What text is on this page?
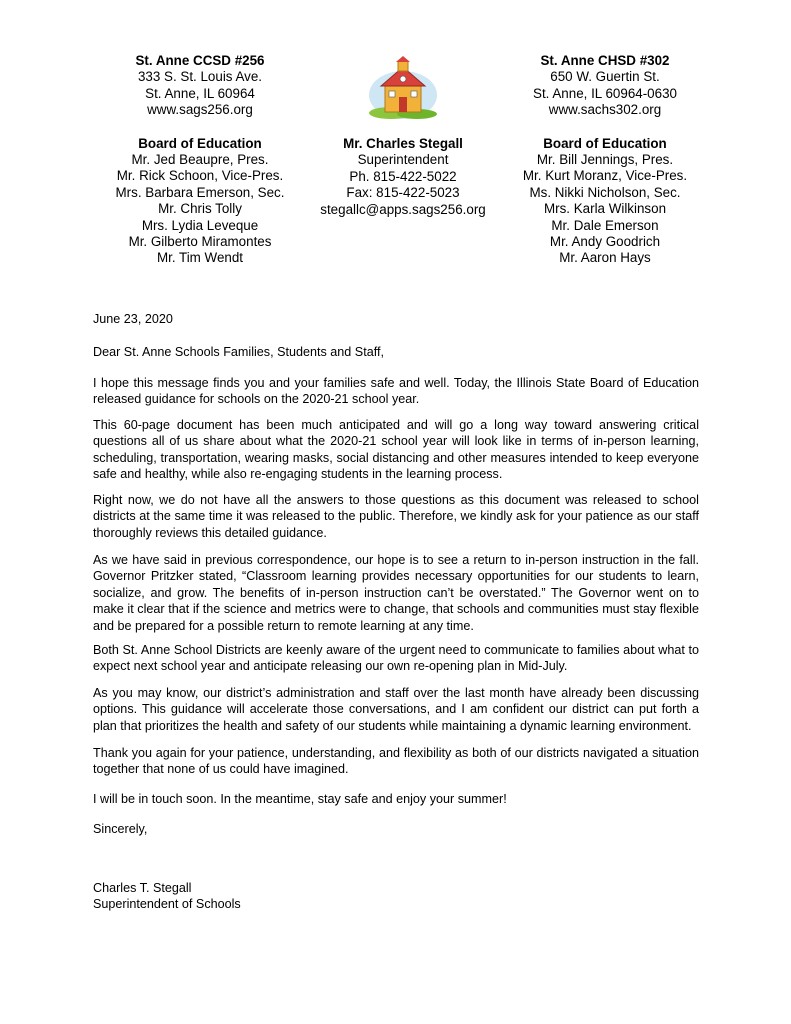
St. Anne CCSD #256
333 S. St. Louis Ave.
St. Anne, IL 60964
www.sags256.org
Board of Education
Mr. Jed Beaupre, Pres.
Mr. Rick Schoon, Vice-Pres.
Mrs. Barbara Emerson, Sec.
Mr. Chris Tolly
Mrs. Lydia Leveque
Mr. Gilberto Miramontes
Mr. Tim Wendt
Mr. Charles Stegall
Superintendent
Ph. 815-422-5022
Fax: 815-422-5023
stegallc@apps.sags256.org
St. Anne CHSD #302
650 W. Guertin St.
St. Anne, IL 60964-0630
www.sachs302.org
Board of Education
Mr. Bill Jennings, Pres.
Mr. Kurt Moranz, Vice-Pres.
Ms. Nikki Nicholson, Sec.
Mrs. Karla Wilkinson
Mr. Dale Emerson
Mr. Andy Goodrich
Mr. Aaron Hays
June 23, 2020
Dear St. Anne Schools Families, Students and Staff,

I hope this message finds you and your families safe and well. Today, the Illinois State Board of Education released guidance for schools on the 2020-21 school year.

This 60-page document has been much anticipated and will go a long way toward answering critical questions all of us share about what the 2020-21 school year will look like in terms of in-person learning, scheduling, transportation, wearing masks, social distancing and other measures intended to keep everyone safe and healthy, while also re-engaging students in the learning process.

Right now, we do not have all the answers to those questions as this document was released to school districts at the same time it was released to the public. Therefore, we kindly ask for your patience as our staff thoroughly reviews this detailed guidance.

As we have said in previous correspondence, our hope is to see a return to in-person instruction in the fall. Governor Pritzker stated, “Classroom learning provides necessary opportunities for our students to learn, socialize, and grow. The benefits of in-person instruction can’t be overstated.” The Governor went on to make it clear that if the science and metrics were to change, that schools and communities must stay flexible and be prepared for a possible return to remote learning at any time.

Both St. Anne School Districts are keenly aware of the urgent need to communicate to families about what to expect next school year and anticipate releasing our own re-opening plan in Mid-July.

As you may know, our district’s administration and staff over the last month have already been discussing options. This guidance will accelerate those conversations, and I am confident our district can put forth a plan that prioritizes the health and safety of our students while maintaining a dynamic learning environment.

Thank you again for your patience, understanding, and flexibility as both of our districts navigated a situation together that none of us could have imagined.

I will be in touch soon. In the meantime, stay safe and enjoy your summer!

Sincerely,
Charles T. Stegall
Superintendent of Schools
